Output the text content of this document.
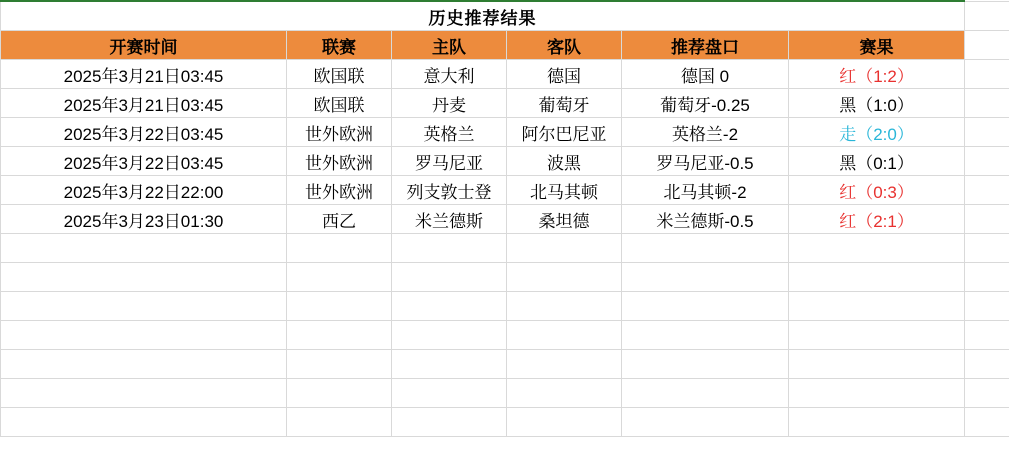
历史推荐结果						
开赛时间	联赛	主队	客队	推荐盘口	赛果	
2025年3月21日03:45	欧国联	意大利	德国	德国 0	红（1:2）	
2025年3月21日03:45	欧国联	丹麦	葡萄牙	葡萄牙-0.25	黑（1:0）	
2025年3月22日03:45	世外欧洲	英格兰	阿尔巴尼亚	英格兰-2	走（2:0）	
2025年3月22日03:45	世外欧洲	罗马尼亚	波黑	罗马尼亚-0.5	黑（0:1）	
2025年3月22日22:00	世外欧洲	列支敦士登	北马其顿	北马其顿-2	红（0:3）	
2025年3月23日01:30	西乙	米兰德斯	桑坦德	米兰德斯-0.5	红（2:1）	
